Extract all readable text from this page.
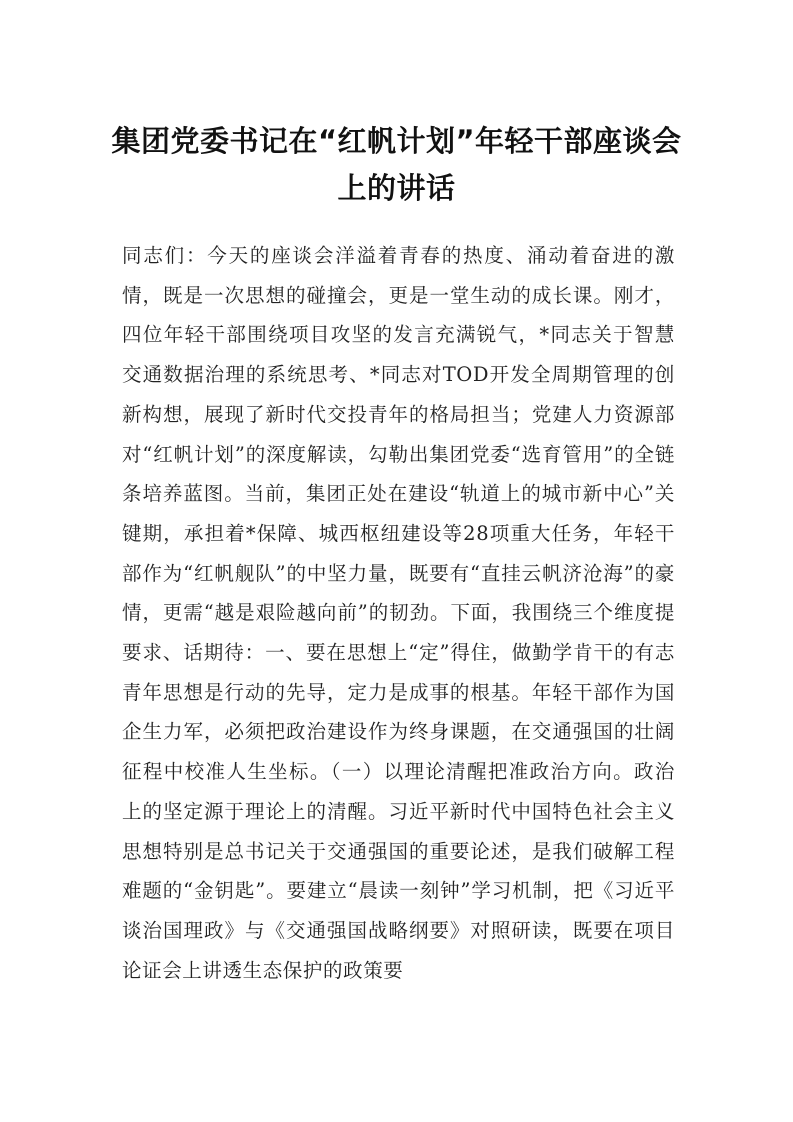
集团党委书记在“红帆计划”年轻干部座谈会上的讲话

同志们：今天的座谈会洋溢着青春的热度、涌动着奋进的激情，既是一次思想的碰撞会，更是一堂生动的成长课。刚才，四位年轻干部围绕项目攻坚的发言充满锐气，*同志关于智慧交通数据治理的系统思考、*同志对TOD开发全周期管理的创新构想，展现了新时代交投青年的格局担当；党建人力资源部对“红帆计划”的深度解读，勾勒出集团党委“选育管用”的全链条培养蓝图。当前，集团正处在建设“轨道上的城市新中心”关键期，承担着*保障、城西枢纽建设等28项重大任务，年轻干部作为“红帆舰队”的中坚力量，既要有“直挂云帆济沧海”的豪情，更需“越是艰险越向前”的韧劲。下面，我围绕三个维度提要求、话期待：一、要在思想上“定”得住，做勤学肯干的有志青年思想是行动的先导，定力是成事的根基。年轻干部作为国企生力军，必须把政治建设作为终身课题，在交通强国的壮阔征程中校准人生坐标。（一）以理论清醒把准政治方向。政治上的坚定源于理论上的清醒。习近平新时代中国特色社会主义思想特别是总书记关于交通强国的重要论述，是我们破解工程难题的“金钥匙”。要建立“晨读一刻钟”学习机制，把《习近平谈治国理政》与《交通强国战略纲要》对照研读，既要在项目论证会上讲透生态保护的政策要
